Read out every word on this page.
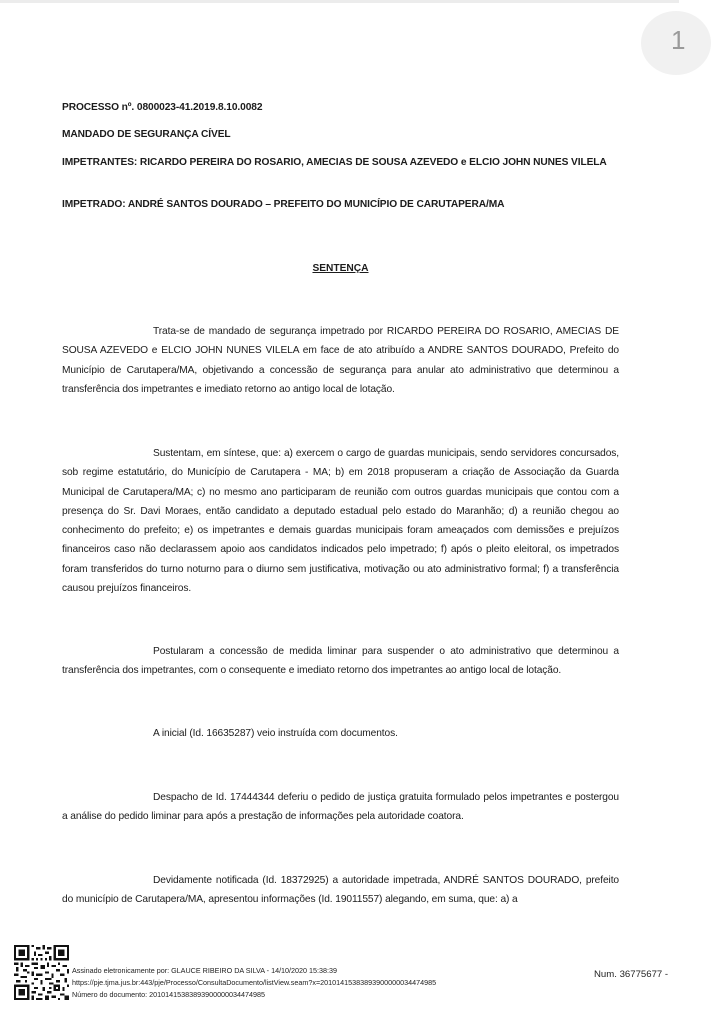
1
PROCESSO nº. 0800023-41.2019.8.10.0082
MANDADO DE SEGURANÇA CÍVEL
IMPETRANTES: RICARDO PEREIRA DO ROSARIO, AMECIAS DE SOUSA AZEVEDO e ELCIO JOHN NUNES VILELA
IMPETRADO: ANDRÉ SANTOS DOURADO – PREFEITO DO MUNICÍPIO DE CARUTAPERA/MA
SENTENÇA

Trata-se de mandado de segurança impetrado por RICARDO PEREIRA DO ROSARIO, AMECIAS DE SOUSA AZEVEDO e ELCIO JOHN NUNES VILELA em face de ato atribuído a ANDRE SANTOS DOURADO, Prefeito do Município de Carutapera/MA, objetivando a concessão de segurança para anular ato administrativo que determinou a transferência dos impetrantes e imediato retorno ao antigo local de lotação.

Sustentam, em síntese, que: a) exercem o cargo de guardas municipais, sendo servidores concursados, sob regime estatutário, do Município de Carutapera - MA; b) em 2018 propuseram a criação de Associação da Guarda Municipal de Carutapera/MA; c) no mesmo ano participaram de reunião com outros guardas municipais que contou com a presença do Sr. Davi Moraes, então candidato a deputado estadual pelo estado do Maranhão; d) a reunião chegou ao conhecimento do prefeito; e) os impetrantes e demais guardas municipais foram ameaçados com demissões e prejuízos financeiros caso não declarassem apoio aos candidatos indicados pelo impetrado; f) após o pleito eleitoral, os impetrados foram transferidos do turno noturno para o diurno sem justificativa, motivação ou ato administrativo formal; f) a transferência causou prejuízos financeiros.

Postularam a concessão de medida liminar para suspender o ato administrativo que determinou a transferência dos impetrantes, com o consequente e imediato retorno dos impetrantes ao antigo local de lotação.

A inicial (Id. 16635287) veio instruída com documentos.

Despacho de Id. 17444344 deferiu o pedido de justiça gratuita formulado pelos impetrantes e postergou a análise do pedido liminar para após a prestação de informações pela autoridade coatora.

Devidamente notificada (Id. 18372925) a autoridade impetrada, ANDRÉ SANTOS DOURADO, prefeito do município de Carutapera/MA, apresentou informações (Id. 19011557) alegando, em suma, que: a) a

Assinado eletronicamente por: GLAUCE RIBEIRO DA SILVA - 14/10/2020 15:38:39
https://pje.tjma.jus.br:443/pje/Processo/ConsultaDocumento/listView.seam?x=20101415383893900000034474985
Número do documento: 20101415383893900000034474985
Num. 36775677 -
